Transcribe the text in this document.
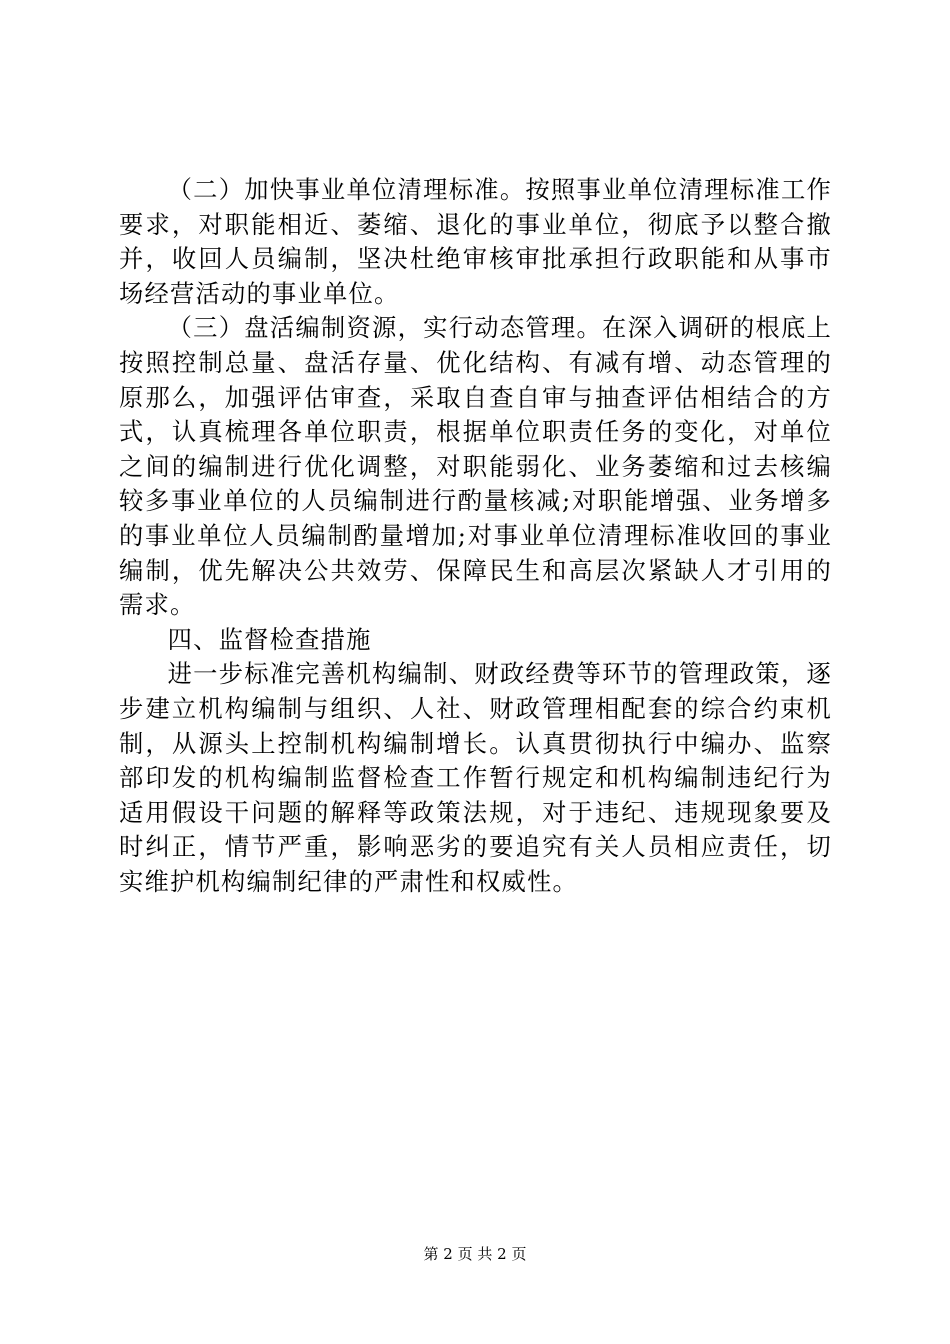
（二）加快事业单位清理标准。按照事业单位清理标准工作要求，对职能相近、萎缩、退化的事业单位，彻底予以整合撤并，收回人员编制，坚决杜绝审核审批承担行政职能和从事市场经营活动的事业单位。

（三）盘活编制资源，实行动态管理。在深入调研的根底上按照控制总量、盘活存量、优化结构、有减有增、动态管理的原那么，加强评估审查，采取自查自审与抽查评估相结合的方式，认真梳理各单位职责，根据单位职责任务的变化，对单位之间的编制进行优化调整，对职能弱化、业务萎缩和过去核编较多事业单位的人员编制进行酌量核减;对职能增强、业务增多的事业单位人员编制酌量增加;对事业单位清理标准收回的事业编制，优先解决公共效劳、保障民生和高层次紧缺人才引用的需求。

四、监督检查措施

进一步标准完善机构编制、财政经费等环节的管理政策，逐步建立机构编制与组织、人社、财政管理相配套的综合约束机制，从源头上控制机构编制增长。认真贯彻执行中编办、监察部印发的机构编制监督检查工作暂行规定和机构编制违纪行为适用假设干问题的解释等政策法规，对于违纪、违规现象要及时纠正，情节严重，影响恶劣的要追究有关人员相应责任，切实维护机构编制纪律的严肃性和权威性。

第 2 页 共 2 页
